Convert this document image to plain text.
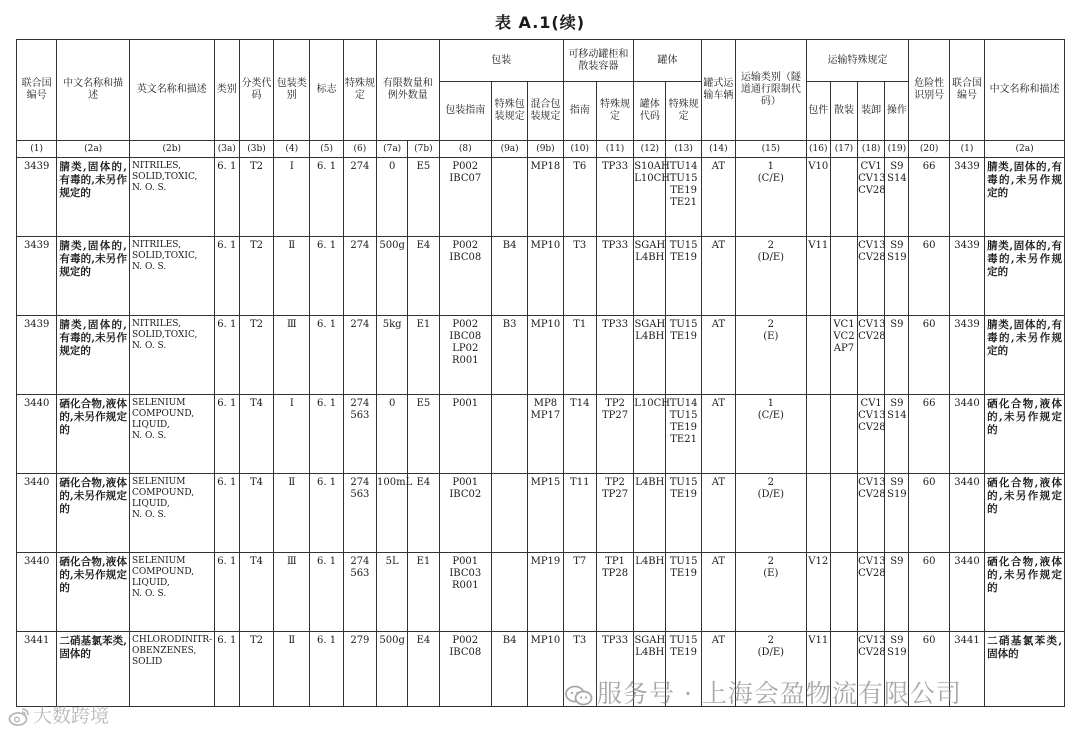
表 A.1(续)
联合国编号	中文名称和描述	英文名称和描述	类别	分类代码	包装类别	标志	特殊规定	有限数量和例外数量		包装			可移动罐柜和散装容器		罐体		罐式运输车辆	运输类别（隧道通行限制代码）	运输特殊规定				危险性识别号	联合国编号	中文名称和描述
										包装指南	特殊包装规定	混合包装规定	指南	特殊规定	罐体代码	特殊规定			包件	散装	装卸	操作			
(1)	(2a)	(2b)	(3a)	(3b)	(4)	(5)	(6)	(7a)	(7b)	(8)	(9a)	(9b)	(10)	(11)	(12)	(13)	(14)	(15)	(16)	(17)	(18)	(19)	(20)	(1)	(2a)
3439	腈类,固体的,有毒的,未另作规定的	NITRILES,
SOLID,TOXIC,
N. O. S.	6. 1	T2	Ⅰ	6. 1	274	0	E5	P002
IBC07		MP18	T6	TP33	S10AH
L10CH	TU14
TU15
TE19
TE21	AT	1
(C/E)	V10		CV1
CV13
CV28	S9
S14	66	3439	腈类,固体的,有毒的,未另作规定的
3439	腈类,固体的,有毒的,未另作规定的	NITRILES,
SOLID,TOXIC,
N. O. S.	6. 1	T2	Ⅱ	6. 1	274	500g	E4	P002
IBC08	B4	MP10	T3	TP33	SGAH
L4BH	TU15
TE19	AT	2
(D/E)	V11		CV13
CV28	S9
S19	60	3439	腈类,固体的,有毒的,未另作规定的
3439	腈类,固体的,有毒的,未另作规定的	NITRILES,
SOLID,TOXIC,
N. O. S.	6. 1	T2	Ⅲ	6. 1	274	5kg	E1	P002
IBC08
LP02
R001	B3	MP10	T1	TP33	SGAH
L4BH	TU15
TE19	AT	2
(E)		VC1
VC2
AP7	CV13
CV28	S9	60	3439	腈类,固体的,有毒的,未另作规定的
3440	硒化合物,液体的,未另作规定的	SELENIUM
COMPOUND,
LIQUID,
N. O. S.	6. 1	T4	Ⅰ	6. 1	274
563	0	E5	P001		MP8
MP17	T14	TP2
TP27	L10CH	TU14
TU15
TE19
TE21	AT	1
(C/E)			CV1
CV13
CV28	S9
S14	66	3440	硒化合物,液体的,未另作规定的
3440	硒化合物,液体的,未另作规定的	SELENIUM
COMPOUND,
LIQUID,
N. O. S.	6. 1	T4	Ⅱ	6. 1	274
563	100mL	E4	P001
IBC02		MP15	T11	TP2
TP27	L4BH	TU15
TE19	AT	2
(D/E)			CV13
CV28	S9
S19	60	3440	硒化合物,液体的,未另作规定的
3440	硒化合物,液体的,未另作规定的	SELENIUM
COMPOUND,
LIQUID,
N. O. S.	6. 1	T4	Ⅲ	6. 1	274
563	5L	E1	P001
IBC03
R001		MP19	T7	TP1
TP28	L4BH	TU15
TE19	AT	2
(E)	V12		CV13
CV28	S9	60	3440	硒化合物,液体的,未另作规定的
3441	二硝基氯苯类,固体的	CHLORODINITR-
OBENZENES,
SOLID	6. 1	T2	Ⅱ	6. 1	279	500g	E4	P002
IBC08	B4	MP10	T3	TP33	SGAH
L4BH	TU15
TE19	AT	2
(D/E)	V11		CV13
CV28	S9
S19	60	3441	二硝基氯苯类,固体的
服务号 · 上海会盈物流有限公司
大数跨境
